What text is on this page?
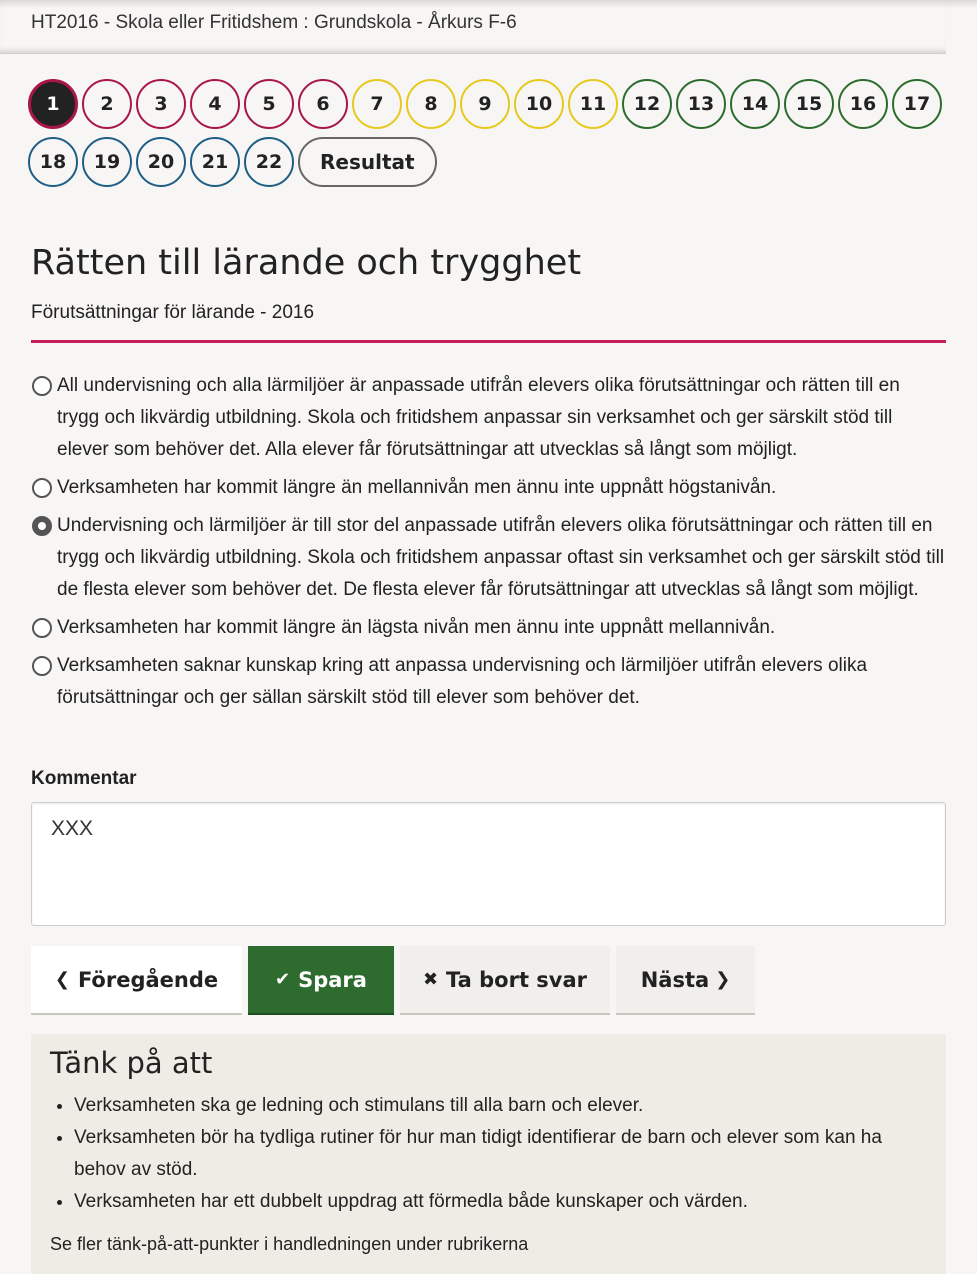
HT2016 - Skola eller Fritidshem : Grundskola - Årkurs F-6
1	2	3	4	5	6	7	8	9	10	11	12	13	14	15	16	17
18	19	20	21	22	Resultat
Rätten till lärande och trygghet
Förutsättningar för lärande - 2016
All undervisning och alla lärmiljöer är anpassade utifrån elevers olika förutsättningar och rätten till en trygg och likvärdig utbildning. Skola och fritidshem anpassar sin verksamhet och ger särskilt stöd till elever som behöver det. Alla elever får förutsättningar att utvecklas så långt som möjligt.
Verksamheten har kommit längre än mellannivån men ännu inte uppnått högstanivån.
Undervisning och lärmiljöer är till stor del anpassade utifrån elevers olika förutsättningar och rätten till en trygg och likvärdig utbildning. Skola och fritidshem anpassar oftast sin verksamhet och ger särskilt stöd till de flesta elever som behöver det. De flesta elever får förutsättningar att utvecklas så långt som möjligt.
Verksamheten har kommit längre än lägsta nivån men ännu inte uppnått mellannivån.
Verksamheten saknar kunskap kring att anpassa undervisning och lärmiljöer utifrån elevers olika förutsättningar och ger sällan särskilt stöd till elever som behöver det.
Kommentar
XXX
❮ Föregående	✔ Spara	✖ Ta bort svar	Nästa ❯
Tänk på att
• Verksamheten ska ge ledning och stimulans till alla barn och elever.
• Verksamheten bör ha tydliga rutiner för hur man tidigt identifierar de barn och elever som kan ha behov av stöd.
• Verksamheten har ett dubbelt uppdrag att förmedla både kunskaper och värden.
Se fler tänk-på-att-punkter i handledningen under rubrikerna
